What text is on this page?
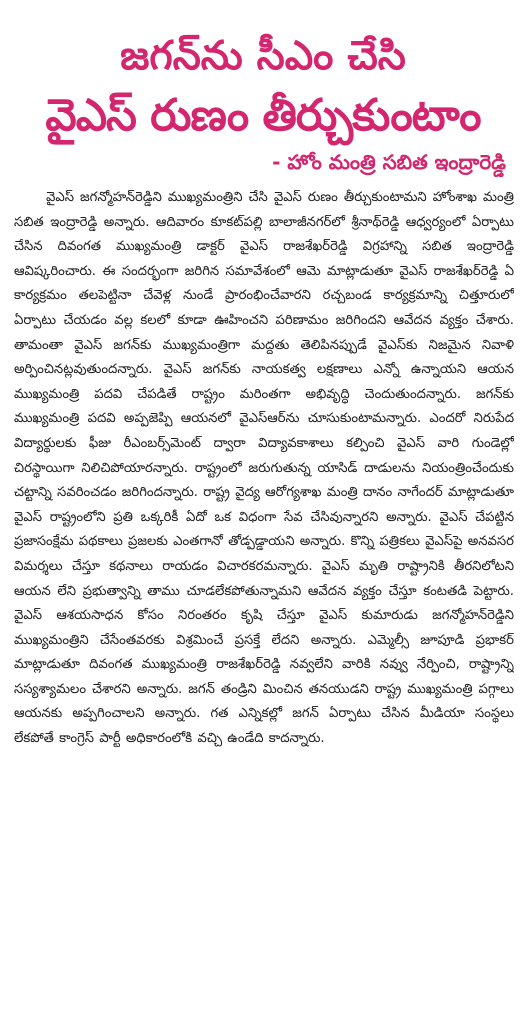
జగన్‌ను సీఎం చేసి
వైఎస్ రుణం తీర్చుకుంటాం
- హోం మంత్రి సబిత ఇంద్రారెడ్డి

వైఎస్ జగన్మోహన్‌రెడ్డిని ముఖ్యమంత్రిని చేసి వైఎస్ రుణం తీర్చుకుంటామని హోంశాఖ మంత్రి సబిత ఇంద్రారెడ్డి అన్నారు. ఆదివారం కూకట్‌పల్లి బాలాజీనగర్‌లో శ్రీనాథ్‌రెడ్డి ఆధ్వర్యంలో ఏర్పాటు చేసిన దివంగత ముఖ్యమంత్రి డాక్టర్ వైఎస్ రాజశేఖర్‌రెడ్డి విగ్రహాన్ని సబిత ఇంద్రారెడ్డి ఆవిష్కరించారు. ఈ సందర్భంగా జరిగిన సమావేశంలో ఆమె మాట్లాడుతూ వైఎస్ రాజశేఖర్‌రెడ్డి ఏ కార్యక్రమం తలపెట్టినా చేవెళ్ల నుండే ప్రారంభించేవారని రచ్చబండ కార్యక్రమాన్ని చిత్తూరులో ఏర్పాటు చేయడం వల్ల కలలో కూడా ఊహించని పరిణామం జరిగిందని ఆవేదన వ్యక్తం చేశారు. తామంతా వైఎస్ జగన్‌కు ముఖ్యమంత్రిగా మద్దతు తెలిపినప్పుడే వైఎస్‌కు నిజమైన నివాళి అర్పించినట్లవుతుందన్నారు. వైఎస్ జగన్‌కు నాయకత్వ లక్షణాలు ఎన్నో ఉన్నాయని ఆయన ముఖ్యమంత్రి పదవి చేపడితే రాష్ట్రం మరింతగా అభివృద్ధి చెందుతుందన్నారు. జగన్‌కు ముఖ్యమంత్రి పదవి అప్పజెప్పి ఆయనలో వైఎస్‌ఆర్‌ను చూసుకుంటామన్నారు. ఎందరో నిరుపేద విద్యార్థులకు ఫీజు రీఎంబర్స్‌మెంట్ ద్వారా విద్యావకాశాలు కల్పించి వైఎస్ వారి గుండెల్లో చిరస్థాయిగా నిలిచిపోయారన్నారు. రాష్ట్రంలో జరుగుతున్న యాసిడ్ దాడులను నియంత్రించేందుకు చట్టాన్ని సవరించడం జరిగిందన్నారు. రాష్ట్ర వైద్య ఆరోగ్యశాఖ మంత్రి దానం నాగేందర్ మాట్లాడుతూ వైఎస్ రాష్ట్రంలోని ప్రతి ఒక్కరికీ ఏదో ఒక విధంగా సేవ చేసివున్నారని అన్నారు. వైఎస్ చేపట్టిన ప్రజాసంక్షేమ పథకాలు ప్రజలకు ఎంతగానో తోడ్పడ్డాయని అన్నారు. కొన్ని పత్రికలు వైఎస్‌పై అనవసర విమర్శలు చేస్తూ కథనాలు రాయడం విచారకరమన్నారు. వైఎస్ మృతి రాష్ట్రానికి తీరనిలోటని ఆయన లేని ప్రభుత్వాన్ని తాము చూడలేకపోతున్నామని ఆవేదన వ్యక్తం చేస్తూ కంటతడి పెట్టారు. వైఎస్ ఆశయసాధన కోసం నిరంతరం కృషి చేస్తూ వైఎస్ కుమారుడు జగన్మోహన్‌రెడ్డిని ముఖ్యమంత్రిని చేసేంతవరకు విశ్రమించే ప్రసక్తే లేదని అన్నారు. ఎమ్మెల్సీ జూపూడి ప్రభాకర్ మాట్లాడుతూ దివంగత ముఖ్యమంత్రి రాజశేఖర్‌రెడ్డి నవ్వలేని వారికి నవ్వు నేర్పించి, రాష్ట్రాన్ని సస్యశ్యామలం చేశారని అన్నారు. జగన్ తండ్రిని మించిన తనయుడని రాష్ట్ర ముఖ్యమంత్రి పగ్గాలు ఆయనకు అప్పగించాలని అన్నారు. గత ఎన్నికల్లో జగన్ ఏర్పాటు చేసిన మీడియా సంస్థలు లేకపోతే కాంగ్రెస్ పార్టీ అధికారంలోకి వచ్చి ఉండేది కాదన్నారు.
